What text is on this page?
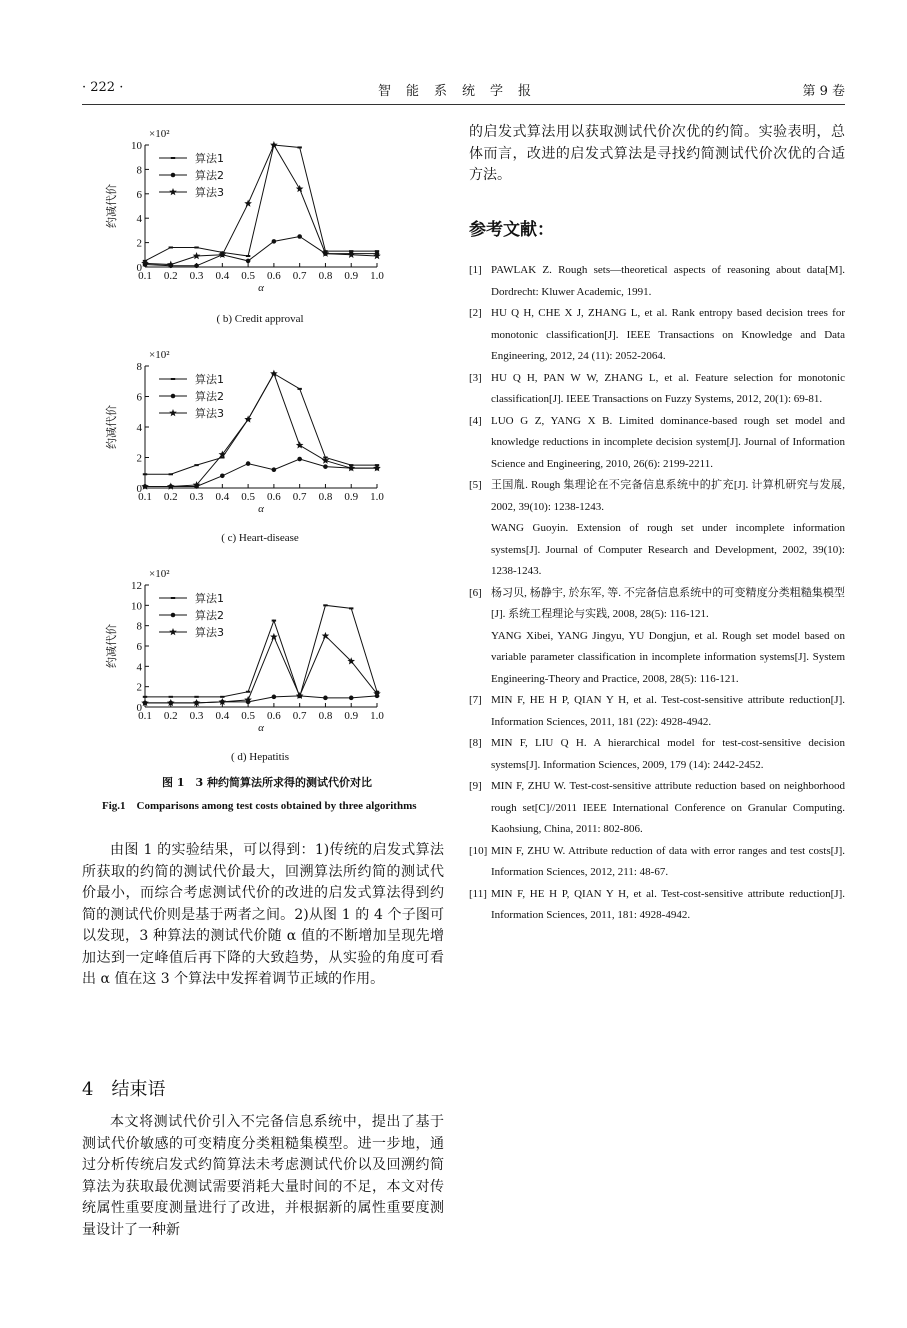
· 222 ·	智　能　系　统　学　报	第 9 卷
0
2
4
6
8
10
0.1 0.2 0.3 0.4 0.5 0.6 0.7 0.8 0.9 1.0
×10²
α
约减代价
算法1
算法2
算法3
( b) Credit approval
0
2
4
6
8
0.1 0.2 0.3 0.4 0.5 0.6 0.7 0.8 0.9 1.0
×10²
α
约减代价
算法1
算法2
算法3
( c) Heart-disease
0
2
4
6
8
10
12
0.1 0.2 0.3 0.4 0.5 0.6 0.7 0.8 0.9 1.0
×10²
α
约减代价
算法1
算法2
算法3
( d) Hepatitis
图 1　3 种约简算法所求得的测试代价对比
Fig.1　Comparisons among test costs obtained by three algorithms
由图 1 的实验结果，可以得到：1)传统的启发式算法所获取的约简的测试代价最大，回溯算法所约简的测试代价最小，而综合考虑测试代价的改进的启发式算法得到约简的测试代价则是基于两者之间。2)从图 1 的 4 个子图可以发现，3 种算法的测试代价随 α 值的不断增加呈现先增加达到一定峰值后再下降的大致趋势，从实验的角度可看出 α 值在这 3 个算法中发挥着调节正域的作用。
4　结束语
本文将测试代价引入不完备信息系统中，提出了基于测试代价敏感的可变精度分类粗糙集模型。进一步地，通过分析传统启发式约简算法未考虑测试代价以及回溯约简算法为获取最优测试需要消耗大量时间的不足，本文对传统属性重要度测量进行了改进，并根据新的属性重要度测量设计了一种新
的启发式算法用以获取测试代价次优的约简。实验表明，总体而言，改进的启发式算法是寻找约简测试代价次优的合适方法。
参考文献：
[1] PAWLAK Z. Rough sets—theoretical aspects of reasoning about data[M]. Dordrecht: Kluwer Academic, 1991.
[2] HU Q H, CHE X J, ZHANG L, et al. Rank entropy based decision trees for monotonic classification[J]. IEEE Transactions on Knowledge and Data Engineering, 2012, 24 (11): 2052-2064.
[3] HU Q H, PAN W W, ZHANG L, et al. Feature selection for monotonic classification[J]. IEEE Transactions on Fuzzy Systems, 2012, 20(1): 69-81.
[4] LUO G Z, YANG X B. Limited dominance-based rough set model and knowledge reductions in incomplete decision system[J]. Journal of Information Science and Engineering, 2010, 26(6): 2199-2211.
[5] 王国胤. Rough 集理论在不完备信息系统中的扩充[J]. 计算机研究与发展, 2002, 39(10): 1238-1243.
WANG Guoyin. Extension of rough set under incomplete information systems[J]. Journal of Computer Research and Development, 2002, 39(10): 1238-1243.
[6] 杨习贝, 杨静宇, 於东军, 等. 不完备信息系统中的可变精度分类粗糙集模型[J]. 系统工程理论与实践, 2008, 28(5): 116-121.
YANG Xibei, YANG Jingyu, YU Dongjun, et al. Rough set model based on variable parameter classification in incomplete information systems[J]. System Engineering-Theory and Practice, 2008, 28(5): 116-121.
[7] MIN F, HE H P, QIAN Y H, et al. Test-cost-sensitive attribute reduction[J]. Information Sciences, 2011, 181 (22): 4928-4942.
[8] MIN F, LIU Q H. A hierarchical model for test-cost-sensitive decision systems[J]. Information Sciences, 2009, 179 (14): 2442-2452.
[9] MIN F, ZHU W. Test-cost-sensitive attribute reduction based on neighborhood rough set[C]//2011 IEEE International Conference on Granular Computing. Kaohsiung, China, 2011: 802-806.
[10] MIN F, ZHU W. Attribute reduction of data with error ranges and test costs[J]. Information Sciences, 2012, 211: 48-67.
[11] MIN F, HE H P, QIAN Y H, et al. Test-cost-sensitive attribute reduction[J]. Information Sciences, 2011, 181: 4928-4942.
